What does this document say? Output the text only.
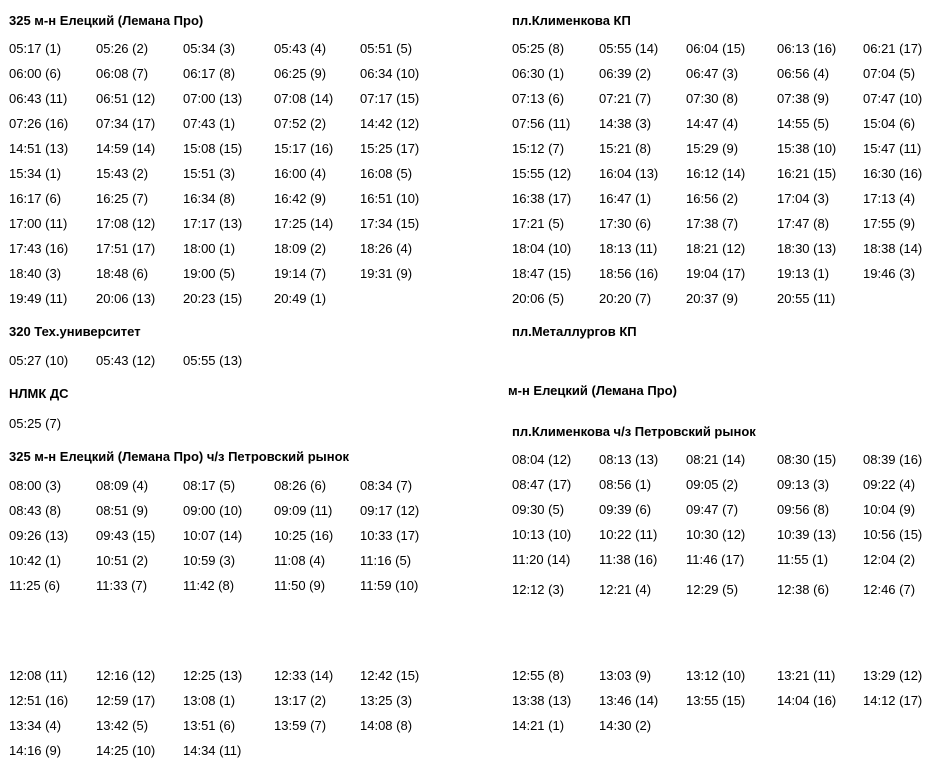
325 м-н Елецкий (Лемана Про)
05:17 (1)	05:26 (2)	05:34 (3)	05:43 (4)	05:51 (5)
06:00 (6)	06:08 (7)	06:17 (8)	06:25 (9)	06:34 (10)
06:43 (11)	06:51 (12)	07:00 (13)	07:08 (14)	07:17 (15)
07:26 (16)	07:34 (17)	07:43 (1)	07:52 (2)	14:42 (12)
14:51 (13)	14:59 (14)	15:08 (15)	15:17 (16)	15:25 (17)
15:34 (1)	15:43 (2)	15:51 (3)	16:00 (4)	16:08 (5)
16:17 (6)	16:25 (7)	16:34 (8)	16:42 (9)	16:51 (10)
17:00 (11)	17:08 (12)	17:17 (13)	17:25 (14)	17:34 (15)
17:43 (16)	17:51 (17)	18:00 (1)	18:09 (2)	18:26 (4)
18:40 (3)	18:48 (6)	19:00 (5)	19:14 (7)	19:31 (9)
19:49 (11)	20:06 (13)	20:23 (15)	20:49 (1)
320 Тех.университет
05:27 (10)	05:43 (12)	05:55 (13)
НЛМК ДС
05:25 (7)
325 м-н Елецкий (Лемана Про) ч/з Петровский рынок
08:00 (3)	08:09 (4)	08:17 (5)	08:26 (6)	08:34 (7)
08:43 (8)	08:51 (9)	09:00 (10)	09:09 (11)	09:17 (12)
09:26 (13)	09:43 (15)	10:07 (14)	10:25 (16)	10:33 (17)
10:42 (1)	10:51 (2)	10:59 (3)	11:08 (4)	11:16 (5)
11:25 (6)	11:33 (7)	11:42 (8)	11:50 (9)	11:59 (10)
12:08 (11)	12:16 (12)	12:25 (13)	12:33 (14)	12:42 (15)
12:51 (16)	12:59 (17)	13:08 (1)	13:17 (2)	13:25 (3)
13:34 (4)	13:42 (5)	13:51 (6)	13:59 (7)	14:08 (8)
14:16 (9)	14:25 (10)	14:34 (11)
пл.Клименкова КП
05:25 (8)	05:55 (14)	06:04 (15)	06:13 (16)	06:21 (17)
06:30 (1)	06:39 (2)	06:47 (3)	06:56 (4)	07:04 (5)
07:13 (6)	07:21 (7)	07:30 (8)	07:38 (9)	07:47 (10)
07:56 (11)	14:38 (3)	14:47 (4)	14:55 (5)	15:04 (6)
15:12 (7)	15:21 (8)	15:29 (9)	15:38 (10)	15:47 (11)
15:55 (12)	16:04 (13)	16:12 (14)	16:21 (15)	16:30 (16)
16:38 (17)	16:47 (1)	16:56 (2)	17:04 (3)	17:13 (4)
17:21 (5)	17:30 (6)	17:38 (7)	17:47 (8)	17:55 (9)
18:04 (10)	18:13 (11)	18:21 (12)	18:30 (13)	18:38 (14)
18:47 (15)	18:56 (16)	19:04 (17)	19:13 (1)	19:46 (3)
20:06 (5)	20:20 (7)	20:37 (9)	20:55 (11)
пл.Металлургов КП
м-н Елецкий (Лемана Про)
пл.Клименкова ч/з Петровский рынок
08:04 (12)	08:13 (13)	08:21 (14)	08:30 (15)	08:39 (16)
08:47 (17)	08:56 (1)	09:05 (2)	09:13 (3)	09:22 (4)
09:30 (5)	09:39 (6)	09:47 (7)	09:56 (8)	10:04 (9)
10:13 (10)	10:22 (11)	10:30 (12)	10:39 (13)	10:56 (15)
11:20 (14)	11:38 (16)	11:46 (17)	11:55 (1)	12:04 (2)
12:12 (3)	12:21 (4)	12:29 (5)	12:38 (6)	12:46 (7)
12:55 (8)	13:03 (9)	13:12 (10)	13:21 (11)	13:29 (12)
13:38 (13)	13:46 (14)	13:55 (15)	14:04 (16)	14:12 (17)
14:21 (1)	14:30 (2)
